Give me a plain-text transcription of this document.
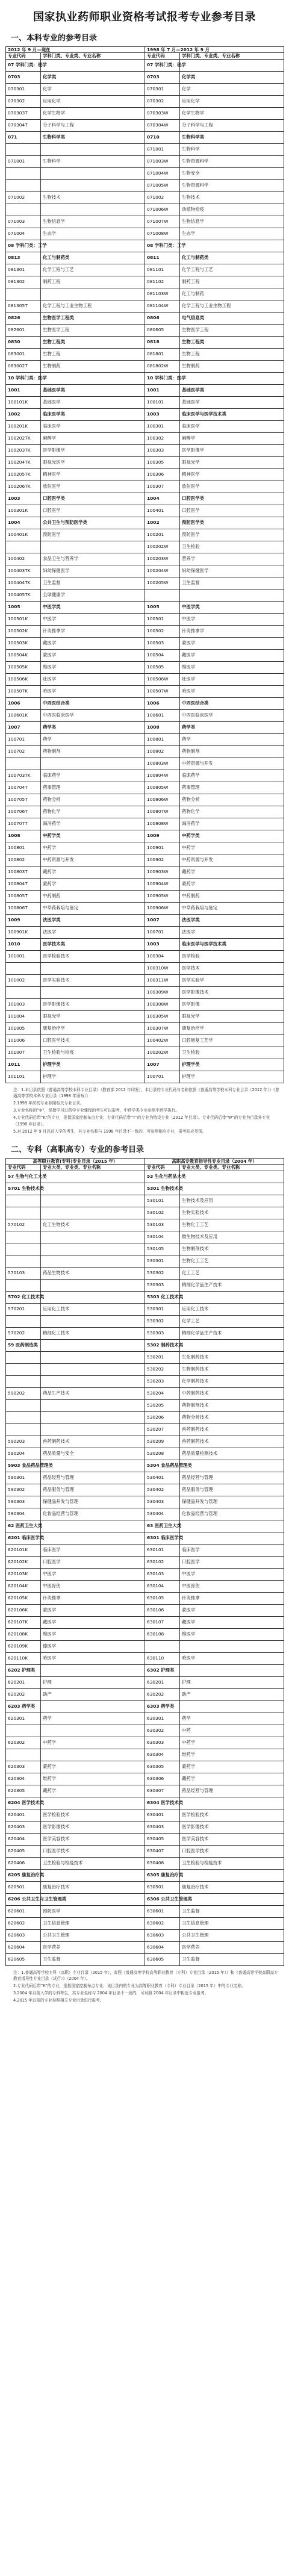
国家执业药师职业资格考试报考专业参考目录
一、本科专业的参考目录
2012 年 9 月—现在		1998 年 7 月—2012 年 9 月	
专业代码	学科门类、专业类、专业名称	专业代码	学科门类、专业类、专业名称
07 学科门类：理学		07 学科门类：理学	
0703	化学类	0703	化学类
070301	化学	070301	化学
070302	应用化学	070302	应用化学
070303T	化学生物学	070303W	化学生物学
070304T	分子科学与工程	070304W	分子科学与工程
071	生物科学类	0710	生物科学类
		071001	生物科学
071001	生物科学	071003W	生物资源科学
		071004W	生物安全
		071005W	生物资源科学
071002	生物技术	071002	生物技术
		071006W	动植物检疫
071003	生物信息学	071007W	生物信息学
071004	生态学	071008W	生态学
08 学科门类：工学		08 学科门类：工学	
0813	化工与制药类	0811	化工与制药类
081301	化学工程与工艺	081101	化学工程与工艺
081302	制药工程	081102	制药工程
		081103W	化工与制药
081305T	化学工程与工业生物工程	081104W	化学工程与工业生物工程
0826	生物医学工程类	0806	电气信息类
082601	生物医学工程	080605	生物医学工程
0830	生物工程类	0818	生物工程类
083001	生物工程	081801	生物工程
083002T	生物制药	081802W	生物制药
10 学科门类：医学		10 学科门类：医学	
1001	基础医学类	1001	基础医学类
100101K	基础医学	100101	基础医学
1002	临床医学类	1003	临床医学与医学技术类
100201K	临床医学	100301	临床医学
100202TK	麻醉学	100302	麻醉学
100203TK	医学影像学	100303	医学影像学
100204TK	眼视光医学	100305	眼视光学
100205TK	精神医学	100306	精神医学
100206TK	放射医学	100307	放射医学
1003	口腔医学类	1004	口腔医学类
100301K	口腔医学	100401	口腔医学
1004	公共卫生与预防医学类	1002	预防医学类
100401K	预防医学	100201	预防医学
		100202W	卫生检验
100402	食品卫生与营养学	100203W	营养学
100403TK	妇幼保健医学	100204W	妇幼保健医学
100404TK	卫生监督	100205W	卫生监督
100405TK	全球健康学		
1005	中医学类	1005	中医学类
100501K	中医学	100501	中医学
100502K	针灸推拿学	100502	针灸推拿学
100503K	藏医学	100503	蒙医学
100504K	蒙医学	100504	藏医学
100505K	维医学	100505	维医学
100506K	壮医学	100506W	壮医学
100507K	哈医学	100507W	哈医学
1006	中西医结合类	1006	中西医结合类
100601K	中西医临床医学	100601	中西医临床医学
1007	药学类	1008	药学类
100701	药学	100801	药学
100702	药物制剂	100802	药物制剂
		100803W	中药资源与开发
100703TK	临床药学	100804W	临床药学
100704T	药事管理	100805W	药事管理
100705T	药物分析	100806W	药物分析
100706T	药物化学	100807W	药物化学
100707T	海洋药学	100808W	海洋药学
1008	中药学类	1009	中药学类
100801	中药学	100901	中药学
100802	中药资源与开发	100902	中药资源与开发
100803T	藏药学	100903W	藏药学
100804T	蒙药学	100904W	蒙药学
100805T	中药制药	100905W	中药制药
100806T	中草药栽培与鉴定	100906W	中草药栽培与鉴定
1009	法医学类	1007	法医学类
100901K	法医学	100701	法医学
1010	医学技术类	1003	临床医学与医学技术类
101001	医学检验技术	100304	医学检验
		100310W	医学技术
101002	医学实验技术	100311W	医学实验学
		100309W	医学影像技术
101003	医学影像技术	100308W	医学影像
101004	眼视光学	100305W	眼视光学
101005	康复治疗学	100307W	康复治疗学
101006	口腔医学技术	100402W	口腔修复工艺学
101007	卫生检验与检疫	100202W	卫生检验
1011	护理学类	1007	护理学类
101101	护理学	100701	护理学

注：1.本目录依照《普通高等学校本科专业目录》（教育部 2012 年印发），本目录的专业代码与名称依据《普通高等学校本科专业目录（2012 年）》《普通高等学校本科专业目录（1998 年颁布）》

2.1998 年前的专业参照相关专业目录。

3.专业名称的“※”，是指学习过药学专业课程的考生可以报考，中药学类专业参照中药学执行。

4.专业代码后带“K”的专业，是指国家控制布点专业；专业代码后带“T”的专业为特设专业（2012 年目录）。专业代码后带“W”的专业为目录外专业（1998 年目录）。

5.对 2012 年 9 月以前入学的考生，其专业名称与 1998 年目录不一致的，可参照相应专业，报考相应类别。

二、专科（高职高专）专业的参考目录
高等职业教育(专科)专业目录（2015 年）		高职高专教育指导性专业目录（2004 年）	
专业代码	专业大类、专业类、专业名称	专业代码	专业大类、专业类、专业名称
57 生物与化工大类		53 生化与药品大类	
5701 生物技术类		5301 生物技术类	
		530101	生物技术及应用
		530102	生物实验技术
570102	化工生物技术	530103	生物化工工艺
		530104	微生物技术及应用
		530105	生物制剂技术
		530301	生物化工工艺
570103	药品生物技术	530302	化工工艺
		530303	精细化学品生产技术
5702 化工技术类		5303 化工技术类	
570201	应用化工技术	530301	应用化工技术
		530302	化学工艺
570202	精细化工技术	530303	精细化学品生产技术
59 医药制造类		5302 制药技术类	
		530201	生化制药技术
		530202	生物制药技术
		530203	化学制药技术
590202	药品生产技术	530204	中药制药技术
		530205	药物制剂技术
		530206	药物分析技术
		530207	兽药制药技术
590203	兽药制药技术	530209	兽药制药技术
590204	药品质量与安全	530208	药品质量检测技术
5903 食品药品管理类		5304 食品药品管理类	
590301	药品经营与管理	530401	药品经营与管理
590302	药品服务与管理	530402	药品服务与管理
590303	保健品开发与管理	530403	保健品开发与管理
590304	化妆品经营与管理	530404	化妆品经营与管理
62 医药卫生大类		63 医药卫生大类	
6201 临床医学类		6301 临床医学类	
620101K	临床医学	630101	临床医学
620102K	口腔医学	630102	口腔医学
620103K	中医学	630103	中医学
620104K	中医骨伤	630104	中医骨伤
620105K	针灸推拿	630105	针灸推拿
620106K	蒙医学	630106	蒙医学
620107K	藏医学	630107	藏医学
620108K	维医学	630108	维医学
620109K	傣医学		
620110K	哈医学	630110	哈医学
6202 护理类		6302 护理类	
620201	护理	630201	护理
620202	助产	630202	助产
6203 药学类		6303 药学类	
620301	药学	630301	药学
		630302	中药
620302	中药学	630303	中药学
		630304	维药学
620303	蒙药学	630305	蒙药学
620304	维药学	630306	藏药学
620305	藏药学	630307	药品经营与管理
6204 医学技术类		6304 医学技术类	
620401	医学检验技术	630401	医学检验技术
620403	医学影像技术	630403	医学影像技术
620404	医学美容技术	630405	医学美容技术
620405	口腔医学技术	630407	口腔医学技术
620406	卫生检验与检疫技术	630408	卫生检验与检疫技术
6205 康复治疗类		6305 康复治疗类	
620501	康复治疗技术	630501	康复治疗技术
6206 公共卫生与卫生管理类		6306 公共卫生管理类	
620601	预防医学	630601	卫生监督
620602	卫生信息管理	630602	卫生信息管理
620603	公共卫生管理	630603	公共卫生管理
620604	医学营养	630604	医学营养
620605	卫生监督	630605	卫生监督

注：1.普通高等学校专科（高职）专业目录（2015 年），参照《普通高等学校高等职业教育（专科）专业目录（2015 年）》和《普通高等学校高职高专教育指导性专业目录（试行）》（2004 年）。

2.专业代码后带“K”的专业，是指国家控制布点专业；该目录内的专业为高等职业教育（专科）专业目录（2015 年）中的专业名称。

3.2004 年以前入学的专科考生，其专业名称与 2004 年目录不一致的，可对照 2004 年目录中相近专业报考。

4.2015 年以前的专业参照相关专业目录进行报考。
